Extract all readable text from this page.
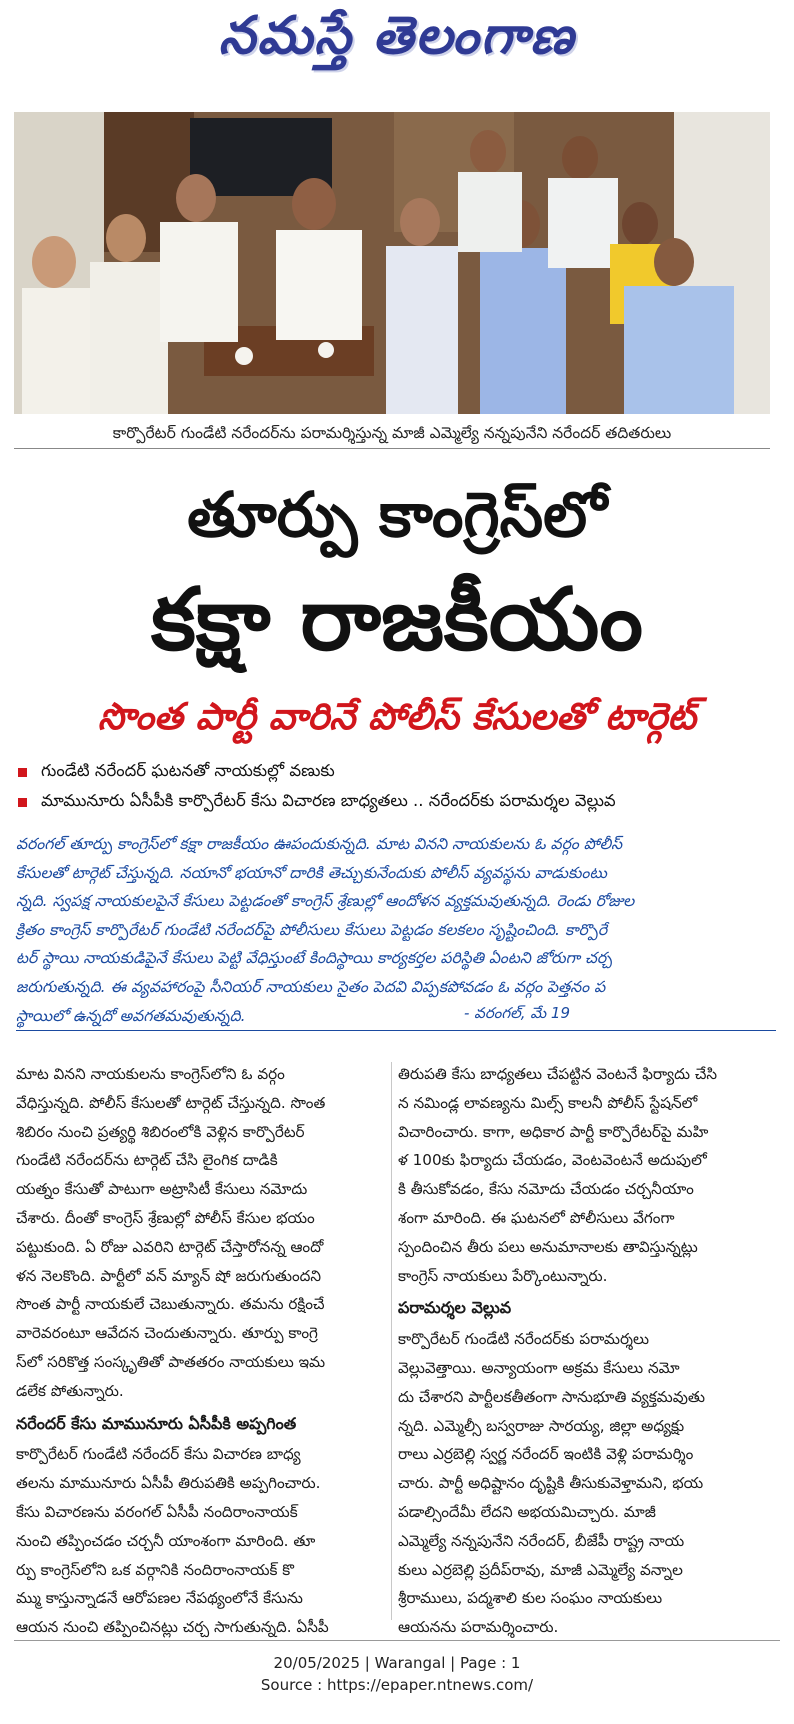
నమస్తే తెలంగాణ
కార్పొరేటర్ గుండేటి నరేందర్‌ను పరామర్శిస్తున్న మాజీ ఎమ్మెల్యే నన్నపునేని నరేందర్ తదితరులు
తూర్పు కాంగ్రెస్‌లో
కక్షా రాజకీయం
సొంత పార్టీ వారినే పోలీస్ కేసులతో టార్గెట్
గుండేటి నరేందర్ ఘటనతో నాయకుల్లో వణుకు
మామునూరు ఏసీపీకి కార్పొరేటర్ కేసు విచారణ బాధ్యతలు .. నరేందర్‌కు పరామర్శల వెల్లువ

వరంగల్ తూర్పు కాంగ్రెస్‌లో కక్షా రాజకీయం ఊపందుకున్నది. మాట వినని నాయకులను ఓ వర్గం పోలీస్
కేసులతో టార్గెట్ చేస్తున్నది. నయానో భయానో దారికి తెచ్చుకునేందుకు పోలీస్ వ్యవస్థను వాడుకుంటు
న్నది. స్వపక్ష నాయకులపైనే కేసులు పెట్టడంతో కాంగ్రెస్ శ్రేణుల్లో ఆందోళన వ్యక్తమవుతున్నది. రెండు రోజుల
క్రితం కాంగ్రెస్ కార్పొరేటర్ గుండేటి నరేందర్‌పై పోలీసులు కేసులు పెట్టడం కలకలం సృష్టించింది. కార్పొరే
టర్ స్థాయి నాయకుడిపైనే కేసులు పెట్టి వేధిస్తుంటే కిందిస్థాయి కార్యకర్తల పరిస్థితి ఏంటని జోరుగా చర్చ
జరుగుతున్నది. ఈ వ్యవహారంపై సీనియర్ నాయకులు సైతం పెదవి విప్పకపోవడం ఓ వర్గం పెత్తనం ప
స్థాయిలో ఉన్నదో అవగతమవుతున్నది.	- వరంగల్, మే 19

మాట వినని నాయకులను కాంగ్రెస్‌లోని ఓ వర్గం
వేధిస్తున్నది. పోలీస్ కేసులతో టార్గెట్ చేస్తున్నది. సొంత
శిబిరం నుంచి ప్రత్యర్థి శిబిరంలోకి వెళ్లిన కార్పొరేటర్
గుండేటి నరేందర్‌ను టార్గెట్ చేసి లైంగిక దాడికి
యత్నం కేసుతో పాటుగా అట్రాసిటీ కేసులు నమోదు
చేశారు. దీంతో కాంగ్రెస్ శ్రేణుల్లో పోలీస్ కేసుల భయం
పట్టుకుంది. ఏ రోజు ఎవరిని టార్గెట్ చేస్తారోనన్న ఆందో
ళన నెలకొంది. పార్టీలో వన్ మ్యాన్ షో జరుగుతుందని
సొంత పార్టీ నాయకులే చెబుతున్నారు. తమను రక్షించే
వారెవరంటూ ఆవేదన చెందుతున్నారు. తూర్పు కాంగ్రె
స్‌లో సరికొత్త సంస్కృతితో పాతతరం నాయకులు ఇమ
డలేక పోతున్నారు.

నరేందర్ కేసు మామునూరు ఏసీపీకి అప్పగింత

కార్పొరేటర్ గుండేటి నరేందర్ కేసు విచారణ బాధ్య
తలను మామునూరు ఏసీపీ తిరుపతికి అప్పగించారు.
కేసు విచారణను వరంగల్ ఏసీపీ నందిరాంనాయక్
నుంచి తప్పించడం చర్చనీ యాంశంగా మారింది. తూ
ర్పు కాంగ్రెస్‌లోని ఒక వర్గానికి నందిరాంనాయక్ కొ
మ్ము కాస్తున్నాడనే ఆరోపణల నేపథ్యంలోనే కేసును
ఆయన నుంచి తప్పించినట్లు చర్చ సాగుతున్నది. ఏసీపీ

తిరుపతి కేసు బాధ్యతలు చేపట్టిన వెంటనే ఫిర్యాదు చేసి
న నమిండ్ల లావణ్యను మిల్స్ కాలనీ పోలీస్ స్టేషన్‌లో
విచారించారు. కాగా, అధికార పార్టీ కార్పొరేటర్‌పై మహి
ళ 100కు ఫిర్యాదు చేయడం, వెంటవెంటనే అదుపులో
కి తీసుకోవడం, కేసు నమోదు చేయడం చర్చనీయాం
శంగా మారింది. ఈ ఘటనలో పోలీసులు వేగంగా
స్పందించిన తీరు పలు అనుమానాలకు తావిస్తున్నట్లు
కాంగ్రెస్ నాయకులు పేర్కొంటున్నారు.

పరామర్శల వెల్లువ

కార్పొరేటర్ గుండేటి నరేందర్‌కు పరామర్శలు
వెల్లువెత్తాయి. అన్యాయంగా అక్రమ కేసులు నమో
దు చేశారని పార్టీలకతీతంగా సానుభూతి వ్యక్తమవుతు
న్నది. ఎమ్మెల్సీ బస్వరాజు సారయ్య, జిల్లా అధ్యక్షు
రాలు ఎర్రబెల్లి స్వర్ణ నరేందర్ ఇంటికి వెళ్లి పరామర్శిం
చారు. పార్టీ అధిష్టానం దృష్టికి తీసుకువెళ్తామని, భయ
పడాల్సిందేమీ లేదని అభయమిచ్చారు. మాజీ
ఎమ్మెల్యే నన్నపునేని నరేందర్, బీజేపీ రాష్ట్ర నాయ
కులు ఎర్రబెల్లి ప్రదీప్‌రావు, మాజీ ఎమ్మెల్యే వన్నాల
శ్రీరాములు, పద్మశాలి కుల సంఘం నాయకులు
ఆయనను పరామర్శించారు.

20/05/2025 | Warangal | Page : 1
Source : https://epaper.ntnews.com/
